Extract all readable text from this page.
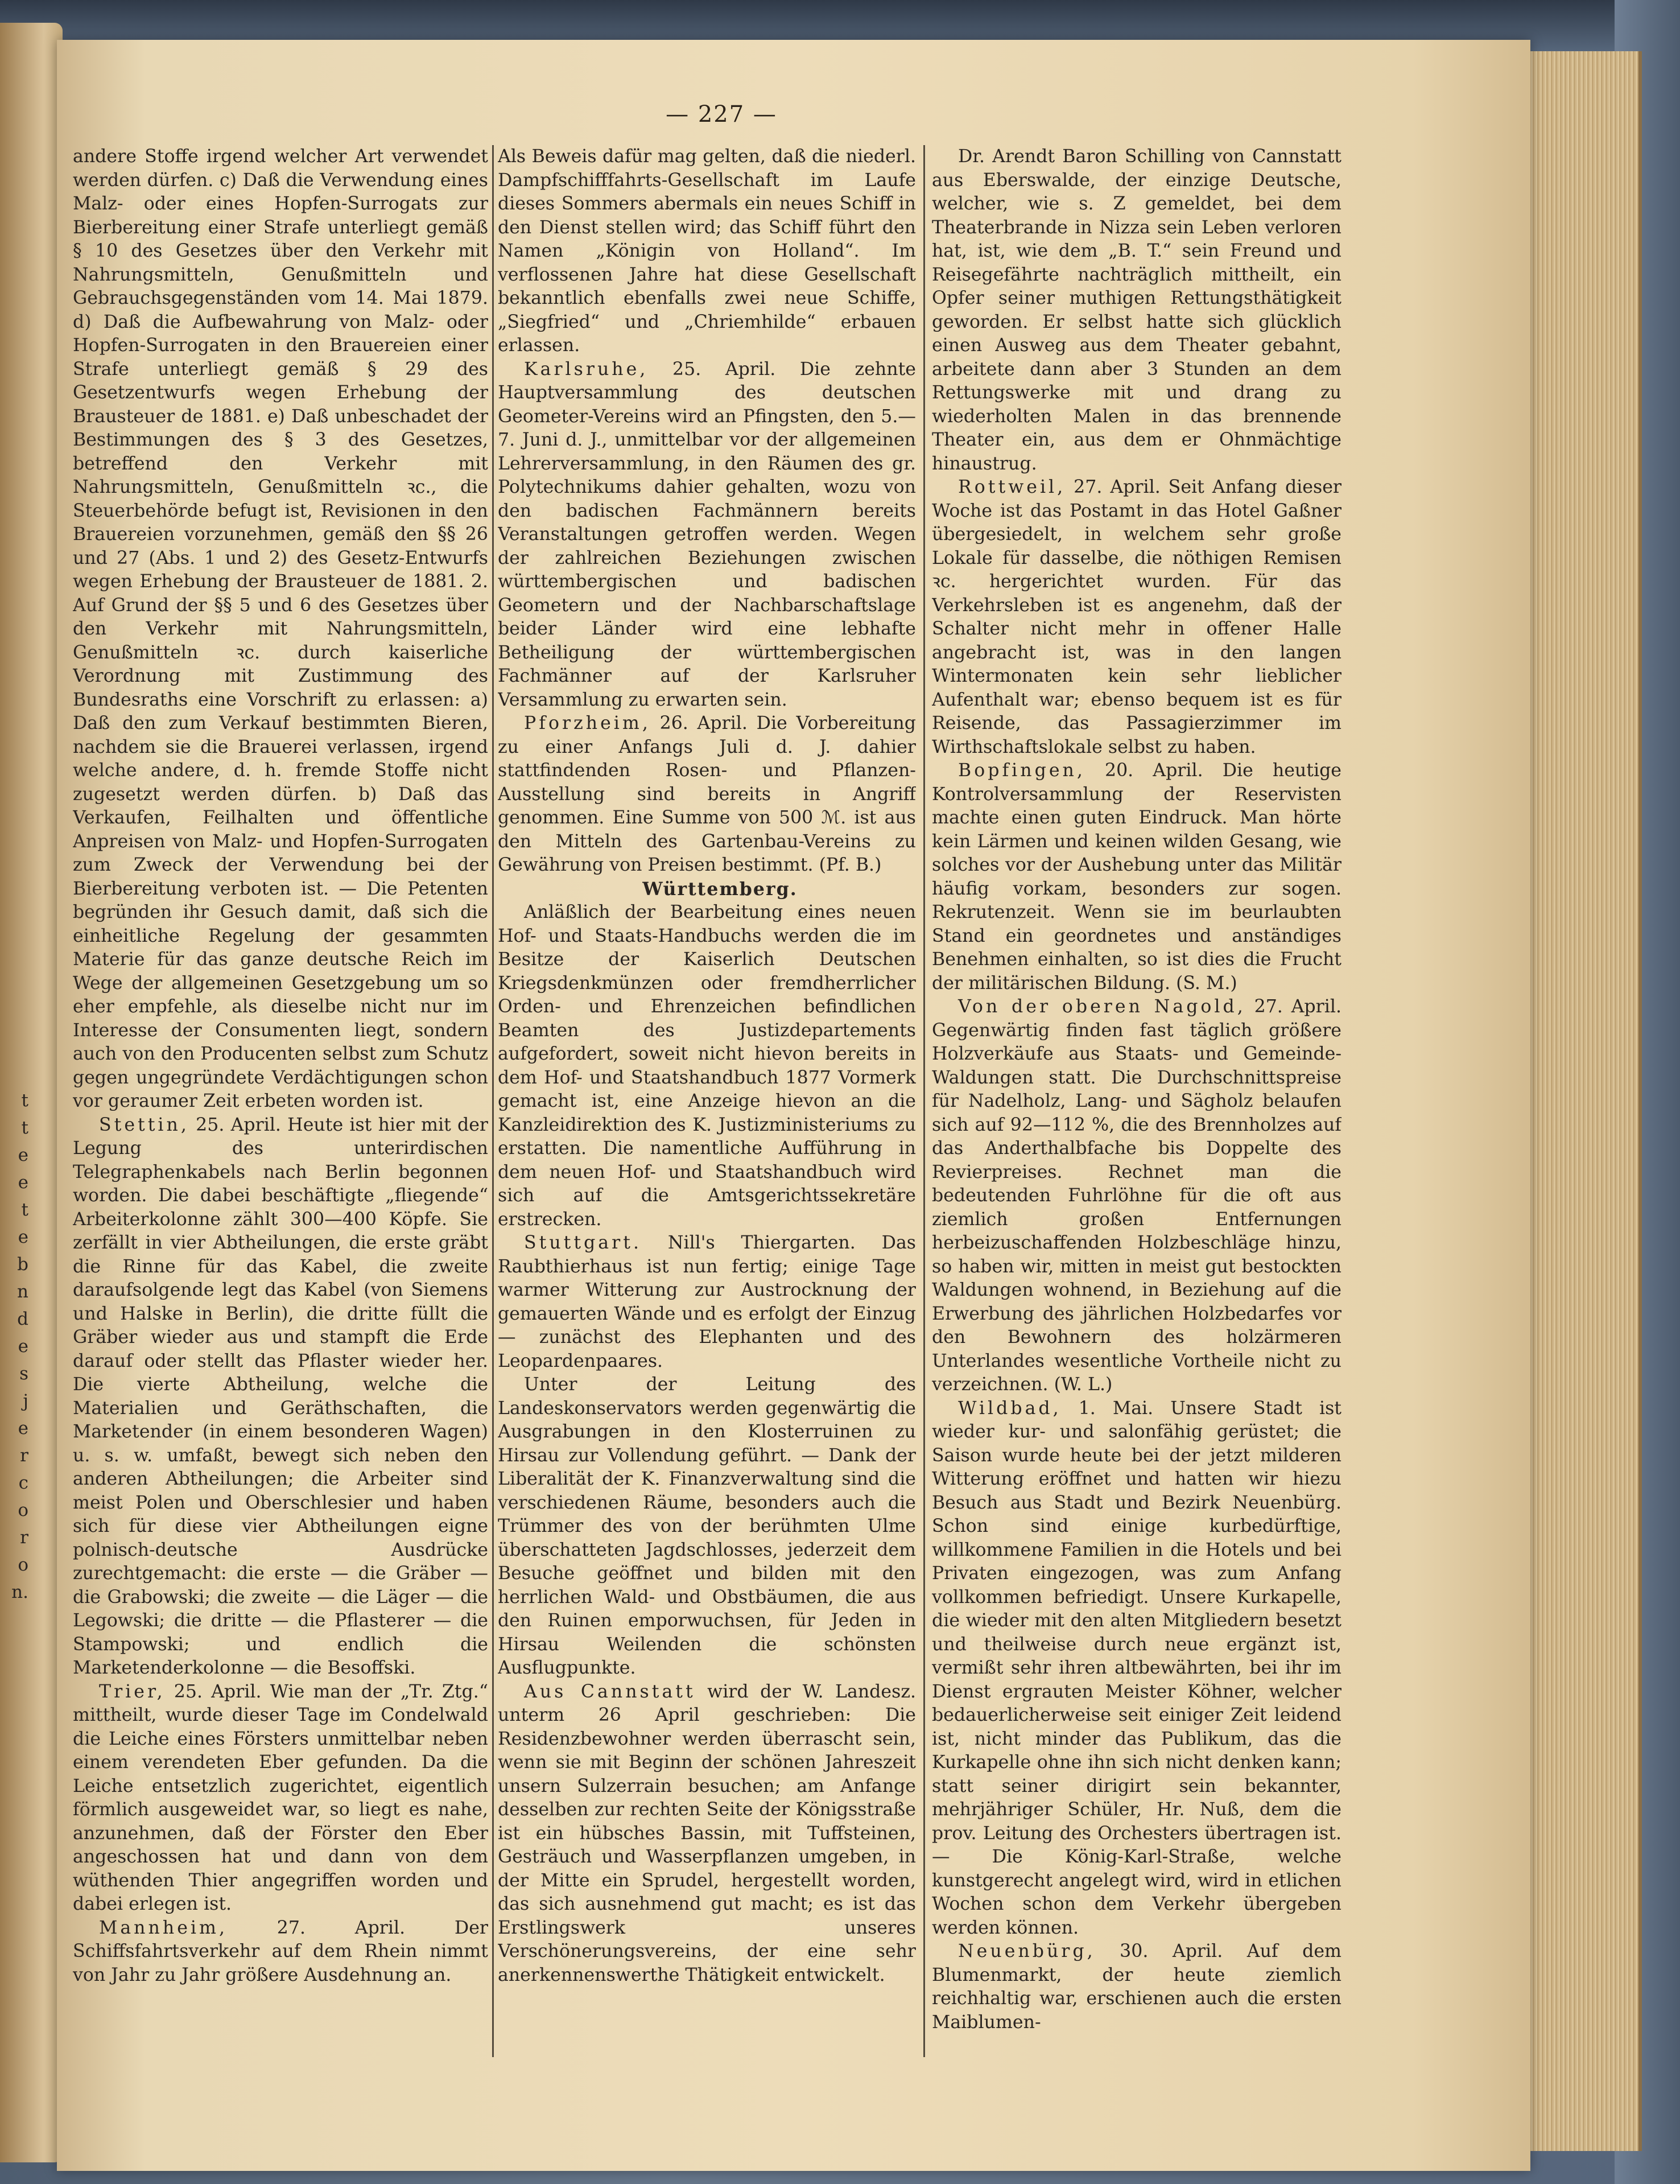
t
t
e
e
t
e
b
n
d
e
s
j
e
r
c
o
r
o
n.
— 227 —

andere Stoffe irgend welcher Art verwendet werden dürfen. c) Daß die Verwendung eines Malz- oder eines Hopfen-Surrogats zur Bierbereitung einer Strafe unterliegt gemäß § 10 des Gesetzes über den Verkehr mit Nahrungsmitteln, Genußmitteln und Gebrauchsgegenständen vom 14. Mai 1879. d) Daß die Aufbewahrung von Malz- oder Hopfen-Surrogaten in den Brauereien einer Strafe unterliegt gemäß § 29 des Gesetzentwurfs wegen Erhebung der Brausteuer de 1881. e) Daß unbeschadet der Bestimmungen des § 3 des Gesetzes, betreffend den Verkehr mit Nahrungsmitteln, Genußmitteln ꝛc., die Steuerbehörde befugt ist, Revisionen in den Brauereien vorzunehmen, gemäß den §§ 26 und 27 (Abs. 1 und 2) des Gesetz-Entwurfs wegen Erhebung der Brausteuer de 1881. 2. Auf Grund der §§ 5 und 6 des Gesetzes über den Verkehr mit Nahrungsmitteln, Genußmitteln ꝛc. durch kaiserliche Verordnung mit Zustimmung des Bundesraths eine Vorschrift zu erlassen: a) Daß den zum Verkauf bestimmten Bieren, nachdem sie die Brauerei verlassen, irgend welche andere, d. h. fremde Stoffe nicht zugesetzt werden dürfen. b) Daß das Verkaufen, Feilhalten und öffentliche Anpreisen von Malz- und Hopfen-Surrogaten zum Zweck der Verwendung bei der Bierbereitung verboten ist. — Die Petenten begründen ihr Gesuch damit, daß sich die einheitliche Regelung der gesammten Materie für das ganze deutsche Reich im Wege der allgemeinen Gesetzgebung um so eher empfehle, als dieselbe nicht nur im Interesse der Consumenten liegt, sondern auch von den Producenten selbst zum Schutz gegen ungegründete Verdächtigungen schon vor geraumer Zeit erbeten worden ist.

Stettin, 25. April. Heute ist hier mit der Legung des unterirdischen Telegraphenkabels nach Berlin begonnen worden. Die dabei beschäftigte „fliegende“ Arbeiterkolonne zählt 300—400 Köpfe. Sie zerfällt in vier Abtheilungen, die erste gräbt die Rinne für das Kabel, die zweite daraufsolgende legt das Kabel (von Siemens und Halske in Berlin), die dritte füllt die Gräber wieder aus und stampft die Erde darauf oder stellt das Pflaster wieder her. Die vierte Abtheilung, welche die Materialien und Geräthschaften, die Marketender (in einem besonderen Wagen) u. s. w. umfaßt, bewegt sich neben den anderen Abtheilungen; die Arbeiter sind meist Polen und Oberschlesier und haben sich für diese vier Abtheilungen eigne polnisch-deutsche Ausdrücke zurechtgemacht: die erste — die Gräber — die Grabowski; die zweite — die Läger — die Legowski; die dritte — die Pflasterer — die Stampowski; und endlich die Marketenderkolonne — die Besoffski.

Trier, 25. April. Wie man der „Tr. Ztg.“ mittheilt, wurde dieser Tage im Condelwald die Leiche eines Försters unmittelbar neben einem verendeten Eber gefunden. Da die Leiche entsetzlich zugerichtet, eigentlich förmlich ausgeweidet war, so liegt es nahe, anzunehmen, daß der Förster den Eber angeschossen hat und dann von dem wüthenden Thier angegriffen worden und dabei erlegen ist.

Mannheim,	27. April. Der Schiffsfahrtsverkehr auf dem Rhein nimmt von Jahr zu Jahr größere Ausdehnung an.

Als Beweis dafür mag gelten, daß die niederl. Dampfschifffahrts-Gesellschaft im Laufe dieses Sommers abermals ein neues Schiff in den Dienst stellen wird; das Schiff führt den Namen „Königin von Holland“. Im verflossenen Jahre hat diese Gesellschaft bekanntlich ebenfalls zwei neue Schiffe, „Siegfried“ und „Chriemhilde“ erbauen erlassen.

Karlsruhe, 25. April. Die zehnte Hauptversammlung des deutschen Geometer-Vereins wird an Pfingsten, den 5.—7. Juni d. J., unmittelbar vor der allgemeinen Lehrerversammlung, in den Räumen des gr. Polytechnikums dahier gehalten, wozu von den badischen Fachmännern bereits Veranstaltungen getroffen werden. Wegen der zahlreichen Beziehungen zwischen württembergischen und badischen Geometern und der Nachbarschaftslage beider Länder wird eine lebhafte Betheiligung der württembergischen Fachmänner auf der Karlsruher Versammlung zu erwarten sein.

Pforzheim, 26. April. Die Vorbereitung zu einer Anfangs Juli d. J. dahier stattfindenden Rosen- und Pflanzen-Ausstellung sind bereits in Angriff genommen. Eine Summe von 500 ℳ. ist aus den Mitteln des Gartenbau-Vereins zu Gewährung von Preisen bestimmt. (Pf. B.)

Württemberg.

Anläßlich der Bearbeitung eines neuen Hof- und Staats-Handbuchs werden die im Besitze der Kaiserlich Deutschen Kriegsdenkmünzen oder fremdherrlicher Orden- und Ehrenzeichen befindlichen Beamten des Justizdepartements aufgefordert, soweit nicht hievon bereits in dem Hof- und Staatshandbuch 1877 Vormerk gemacht ist, eine Anzeige hievon an die Kanzleidirektion des K. Justizministeriums zu erstatten. Die namentliche Aufführung in dem neuen Hof- und Staatshandbuch wird sich auf die Amtsgerichtssekretäre erstrecken.

Stuttgart. Nill's Thiergarten. Das Raubthierhaus ist nun fertig; einige Tage warmer Witterung zur Austrocknung der gemauerten Wände und es erfolgt der Einzug — zunächst des Elephanten und des Leopardenpaares.

Unter der Leitung des Landeskonservators werden gegenwärtig die Ausgrabungen in den Klosterruinen zu Hirsau zur Vollendung geführt. — Dank der Liberalität der K. Finanzverwaltung sind die verschiedenen Räume, besonders auch die Trümmer des von der berühmten Ulme überschatteten Jagdschlosses, jederzeit dem Besuche geöffnet und bilden mit den herrlichen Wald- und Obstbäumen, die aus den Ruinen emporwuchsen, für Jeden in Hirsau Weilenden die schönsten Ausflugpunkte.

Aus Cannstatt wird der W. Landesz. unterm 26 April geschrieben: Die Residenzbewohner werden überrascht sein, wenn sie mit Beginn der schönen Jahreszeit unsern Sulzerrain besuchen; am Anfange desselben zur rechten Seite der Königsstraße ist ein hübsches Bassin, mit Tuffsteinen, Gesträuch und Wasserpflanzen umgeben, in der Mitte ein Sprudel, hergestellt worden, das sich ausnehmend gut macht; es ist das Erstlingswerk unseres Verschönerungsvereins, der eine sehr anerkennenswerthe Thätigkeit entwickelt.

Dr. Arendt Baron Schilling von Cannstatt aus Eberswalde, der einzige Deutsche, welcher, wie s. Z gemeldet, bei dem Theaterbrande in Nizza sein Leben verloren hat, ist, wie dem „B. T.“ sein Freund und Reisegefährte nachträglich mittheilt, ein Opfer seiner muthigen Rettungsthätigkeit geworden. Er selbst hatte sich glücklich einen Ausweg aus dem Theater gebahnt, arbeitete dann aber 3 Stunden an dem Rettungswerke mit und drang zu wiederholten Malen in das brennende Theater ein, aus dem er Ohnmächtige hinaustrug.

Rottweil, 27. April. Seit Anfang dieser Woche ist das Postamt in das Hotel Gaßner übergesiedelt, in welchem sehr große Lokale für dasselbe, die nöthigen Remisen ꝛc. hergerichtet wurden. Für das Verkehrsleben ist es angenehm, daß der Schalter nicht mehr in offener Halle angebracht ist, was in den langen Wintermonaten kein sehr lieblicher Aufenthalt war; ebenso bequem ist es für Reisende, das Passagierzimmer im Wirthschaftslokale selbst zu haben.

Bopfingen, 20. April. Die heutige Kontrolversammlung der Reservisten machte einen guten Eindruck. Man hörte kein Lärmen und keinen wilden Gesang, wie solches vor der Aushebung unter das Militär häufig vorkam, besonders zur sogen. Rekrutenzeit. Wenn sie im beurlaubten Stand ein geordnetes und anständiges Benehmen einhalten, so ist dies die Frucht der militärischen Bildung. (S. M.)

Von der oberen Nagold, 27. April. Gegenwärtig finden fast täglich größere Holzverkäufe aus Staats- und Gemeinde-Waldungen statt. Die Durchschnittspreise für Nadelholz, Lang- und Sägholz belaufen sich auf 92—112 %, die des Brennholzes auf das Anderthalbfache bis Doppelte des Revierpreises. Rechnet man die bedeutenden Fuhrlöhne für die oft aus ziemlich großen Entfernungen herbeizuschaffenden Holzbeschläge hinzu, so haben wir, mitten in meist gut bestockten Waldungen wohnend, in Beziehung auf die Erwerbung des jährlichen Holzbedarfes vor den Bewohnern des holzärmeren Unterlandes wesentliche Vortheile nicht zu verzeichnen. (W. L.)

Wildbad, 1. Mai. Unsere Stadt ist wieder kur- und salonfähig gerüstet; die Saison wurde heute bei der jetzt milderen Witterung eröffnet und hatten wir hiezu Besuch aus Stadt und Bezirk Neuenbürg. Schon sind einige kurbedürftige, willkommene Familien in die Hotels und bei Privaten eingezogen, was zum Anfang vollkommen befriedigt. Unsere Kurkapelle, die wieder mit den alten Mitgliedern besetzt und theilweise durch neue ergänzt ist, vermißt sehr ihren altbewährten, bei ihr im Dienst ergrauten Meister Köhner, welcher bedauerlicherweise seit einiger Zeit leidend ist, nicht minder das Publikum, das die Kurkapelle ohne ihn sich nicht denken kann; statt seiner dirigirt sein bekannter, mehrjähriger Schüler, Hr. Nuß, dem die prov. Leitung des Orchesters übertragen ist. — Die König-Karl-Straße, welche kunstgerecht angelegt wird, wird in etlichen Wochen schon dem Verkehr übergeben werden können.

Neuenbürg, 30. April. Auf dem Blumenmarkt, der heute ziemlich reichhaltig war, erschienen auch die ersten Maiblumen-
